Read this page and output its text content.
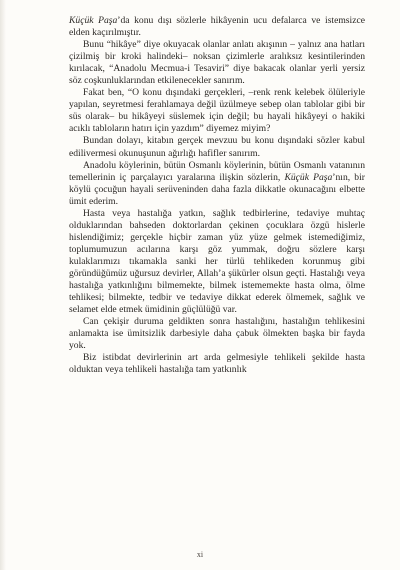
Küçük Paşa’da konu dışı sözlerle hikâyenin ucu defalarca ve istemsizce elden kaçırılmıştır.

Bunu “hikâye” diye okuyacak olanlar anlatı akışının – yalnız ana hatları çizilmiş bir kroki halindeki– noksan çizimlerle aralıksız kesintilerinden kırılacak, “Anadolu Mecmua-i Tesaviri” diye bakacak olanlar yerli yersiz söz coşkunluklarından etkilenecekler sanırım.

Fakat ben, “O konu dışındaki gerçekleri, –renk renk kelebek ölüleriyle yapılan, seyretmesi ferahlamaya değil üzülmeye sebep olan tablolar gibi bir süs olarak– bu hikâyeyi süslemek için değil; bu hayali hikâyeyi o hakiki acıklı tabloların hatırı için yazdım” diyemez miyim?

Bundan dolayı, kitabın gerçek mevzuu bu konu dışındaki sözler kabul edilivermesi okunuşunun ağırlığı hafifler sanırım.

Anadolu köylerinin, bütün Osmanlı köylerinin, bütün Osmanlı vatanının temellerinin iç parçalayıcı yaralarına ilişkin sözlerin, Küçük Paşa’nın, bir köylü çocuğun hayali serüveninden daha fazla dikkatle okunacağını elbette ümit ederim.

Hasta veya hastalığa yatkın, sağlık tedbirlerine, tedaviye muhtaç olduklarından bahseden doktorlardan çekinen çocuklara özgü hislerle hislendiğimiz; gerçekle hiçbir zaman yüz yüze gelmek istemediğimiz, toplumumuzun acılarına karşı göz yummak, doğru sözlere karşı kulaklarımızı tıkamakla sanki her türlü tehlikeden korunmuş gibi göründüğümüz uğursuz devirler, Allah’a şükürler olsun geçti. Hastalığı veya hastalığa yatkınlığını bilmemekte, bilmek istememekte hasta olma, ölme tehlikesi; bilmekte, tedbir ve tedaviye dikkat ederek ölmemek, sağlık ve selamet elde etmek ümidinin güçlülüğü var.

Can çekişir duruma geldikten sonra hastalığını, hastalığın tehlikesini anlamakta ise ümitsizlik darbesiyle daha çabuk ölmekten başka bir fayda yok.

Biz istibdat devirlerinin art arda gelmesiyle tehlikeli şekilde hasta olduktan veya tehlikeli hastalığa tam yatkınlık

xi
